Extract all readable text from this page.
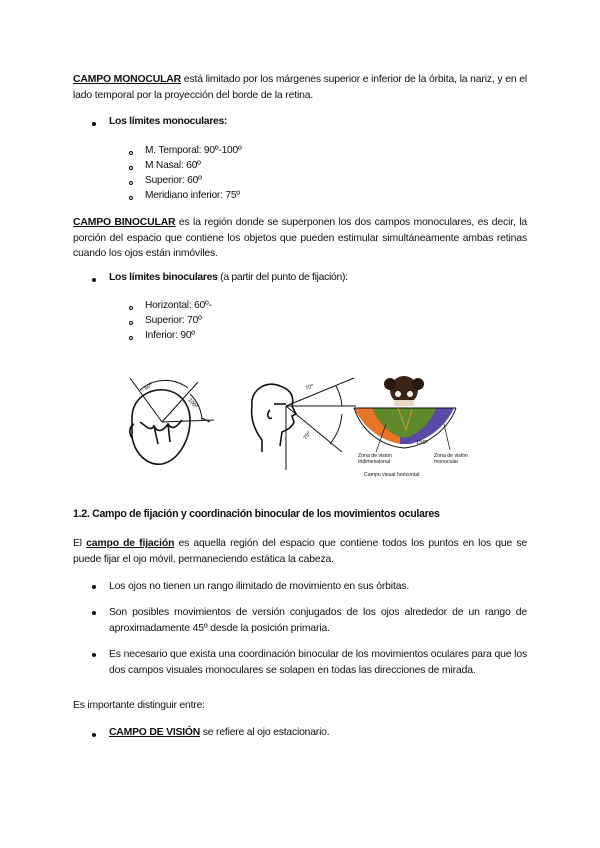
CAMPO MONOCULAR está limitado por los márgenes superior e inferior de la órbita, la nariz, y en el lado temporal por la proyección del borde de la retina.

Los límites monoculares:
M. Temporal: 90º-100º
M Nasal: 60º
Superior: 60º
Meridiano inferior: 75º

CAMPO BINOCULAR es la región donde se superponen los dos campos monoculares, es decir, la porción del espacio que contiene los objetos que pueden estimular simultáneamente ambas retinas cuando los ojos están inmóviles.

Los límites binoculares (a partir del punto de fijación):
Horizontal: 60º-
Superior: 70º
Inferior: 90º
60º
100º
70º
75º
150º
Zona de visión
tridimensional
Zona de visión
monocular
Campo visual horizontal
1.2. Campo de fijación y coordinación binocular de los movimientos oculares

El campo de fijación es aquella región del espacio que contiene todos los puntos en los que se puede fijar el ojo móvil, permaneciendo estática la cabeza.

Los ojos no tienen un rango ilimitado de movimiento en sus órbitas.

Son posibles movimientos de versión conjugados de los ojos alrededor de un rango de aproximadamente 45º desde la posición primaria.

Es necesario que exista una coordinación binocular de los movimientos oculares para que los dos campos visuales monoculares se solapen en todas las direcciones de mirada.

Es importante distinguir entre:

CAMPO DE VISIÓN se refiere al ojo estacionario.
